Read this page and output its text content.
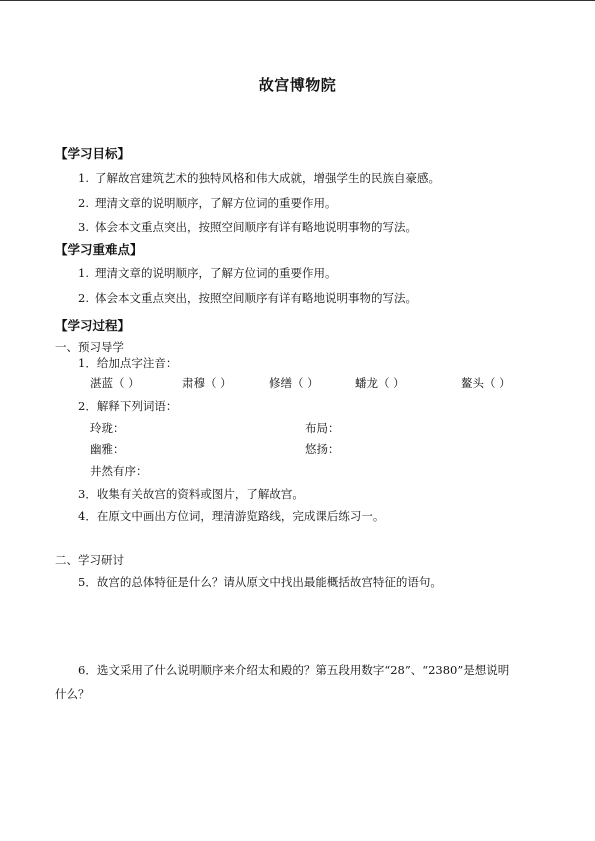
故宫博物院
【学习目标】
1. 了解故宫建筑艺术的独特风格和伟大成就，增强学生的民族自豪感。
2. 理清文章的说明顺序，了解方位词的重要作用。
3. 体会本文重点突出，按照空间顺序有详有略地说明事物的写法。
【学习重难点】
1. 理清文章的说明顺序，了解方位词的重要作用。
2. 体会本文重点突出，按照空间顺序有详有略地说明事物的写法。
【学习过程】
一、预习导学
1．给加点字注音：
湛蓝（ ）	肃穆（ ）	修缮（ ）	蟠龙（ ）	鳌头（ ）
2．解释下列词语：
玲珑：	布局：
幽雅：	悠扬：
井然有序：
3．收集有关故宫的资料或图片，了解故宫。
4．在原文中画出方位词，理清游览路线，完成课后练习一。
二、学习研讨
5．故宫的总体特征是什么？请从原文中找出最能概括故宫特征的语句。
6．选文采用了什么说明顺序来介绍太和殿的？第五段用数字“28”、“2380”是想说明
什么？
